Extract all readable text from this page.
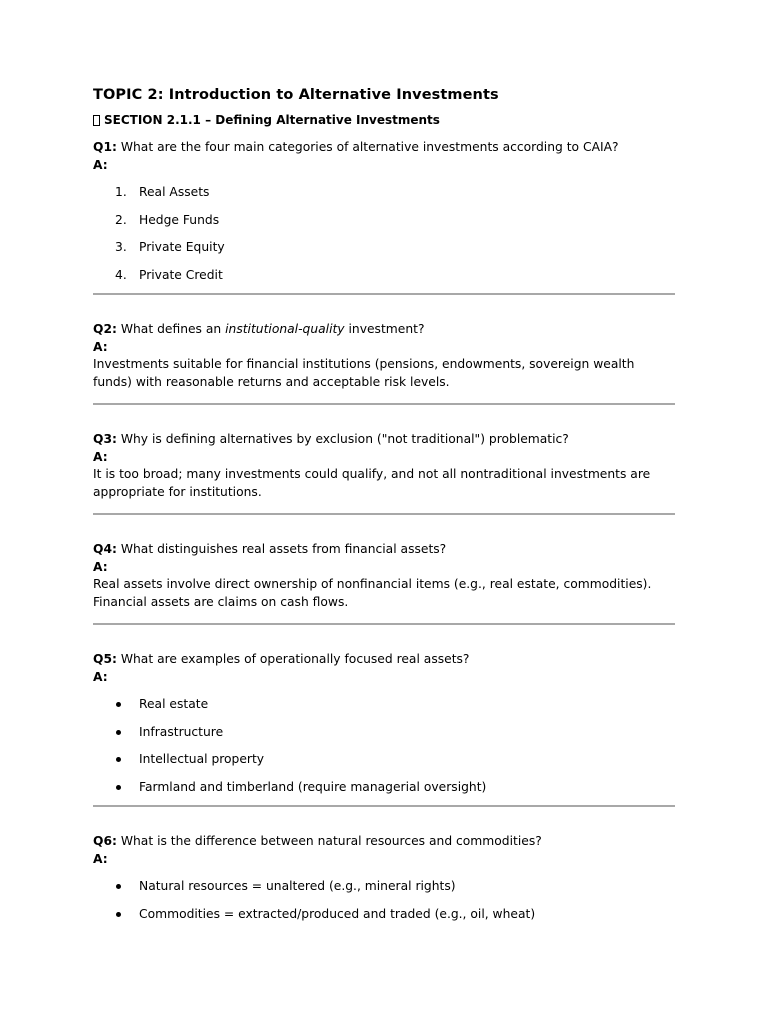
TOPIC 2: Introduction to Alternative Investments
SECTION 2.1.1 – Defining Alternative Investments
Q1: What are the four main categories of alternative investments according to CAIA?
A:
1. Real Assets
2. Hedge Funds
3. Private Equity
4. Private Credit
Q2: What defines an institutional-quality investment?
A:

Investments suitable for financial institutions (pensions, endowments, sovereign wealth funds) with reasonable returns and acceptable risk levels.

Q3: Why is defining alternatives by exclusion ("not traditional") problematic?
A:

It is too broad; many investments could qualify, and not all nontraditional investments are appropriate for institutions.

Q4: What distinguishes real assets from financial assets?
A:

Real assets involve direct ownership of nonfinancial items (e.g., real estate, commodities). Financial assets are claims on cash flows.

Q5: What are examples of operationally focused real assets?
A:
Real estate
Infrastructure
Intellectual property
Farmland and timberland (require managerial oversight)
Q6: What is the difference between natural resources and commodities?
A:
Natural resources = unaltered (e.g., mineral rights)
Commodities = extracted/produced and traded (e.g., oil, wheat)
